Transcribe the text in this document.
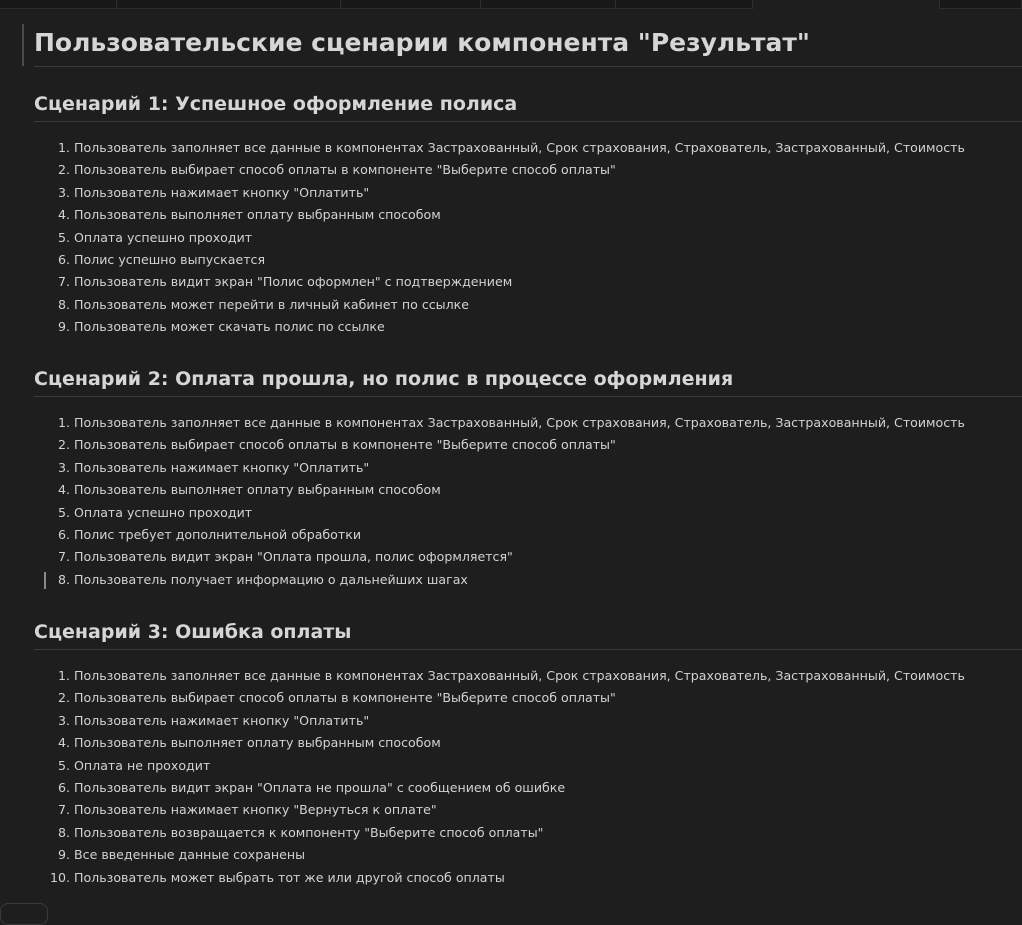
Пользовательские сценарии компонента "Результат"
Сценарий 1: Успешное оформление полиса
1. Пользователь заполняет все данные в компонентах Застрахованный, Срок страхования, Страхователь, Застрахованный, Стоимость
2. Пользователь выбирает способ оплаты в компоненте "Выберите способ оплаты"
3. Пользователь нажимает кнопку "Оплатить"
4. Пользователь выполняет оплату выбранным способом
5. Оплата успешно проходит
6. Полис успешно выпускается
7. Пользователь видит экран "Полис оформлен" с подтверждением
8. Пользователь может перейти в личный кабинет по ссылке
9. Пользователь может скачать полис по ссылке
Сценарий 2: Оплата прошла, но полис в процессе оформления
1. Пользователь заполняет все данные в компонентах Застрахованный, Срок страхования, Страхователь, Застрахованный, Стоимость
2. Пользователь выбирает способ оплаты в компоненте "Выберите способ оплаты"
3. Пользователь нажимает кнопку "Оплатить"
4. Пользователь выполняет оплату выбранным способом
5. Оплата успешно проходит
6. Полис требует дополнительной обработки
7. Пользователь видит экран "Оплата прошла, полис оформляется"
8. Пользователь получает информацию о дальнейших шагах
Сценарий 3: Ошибка оплаты
1. Пользователь заполняет все данные в компонентах Застрахованный, Срок страхования, Страхователь, Застрахованный, Стоимость
2. Пользователь выбирает способ оплаты в компоненте "Выберите способ оплаты"
3. Пользователь нажимает кнопку "Оплатить"
4. Пользователь выполняет оплату выбранным способом
5. Оплата не проходит
6. Пользователь видит экран "Оплата не прошла" с сообщением об ошибке
7. Пользователь нажимает кнопку "Вернуться к оплате"
8. Пользователь возвращается к компоненту "Выберите способ оплаты"
9. Все введенные данные сохранены
10. Пользователь может выбрать тот же или другой способ оплаты
